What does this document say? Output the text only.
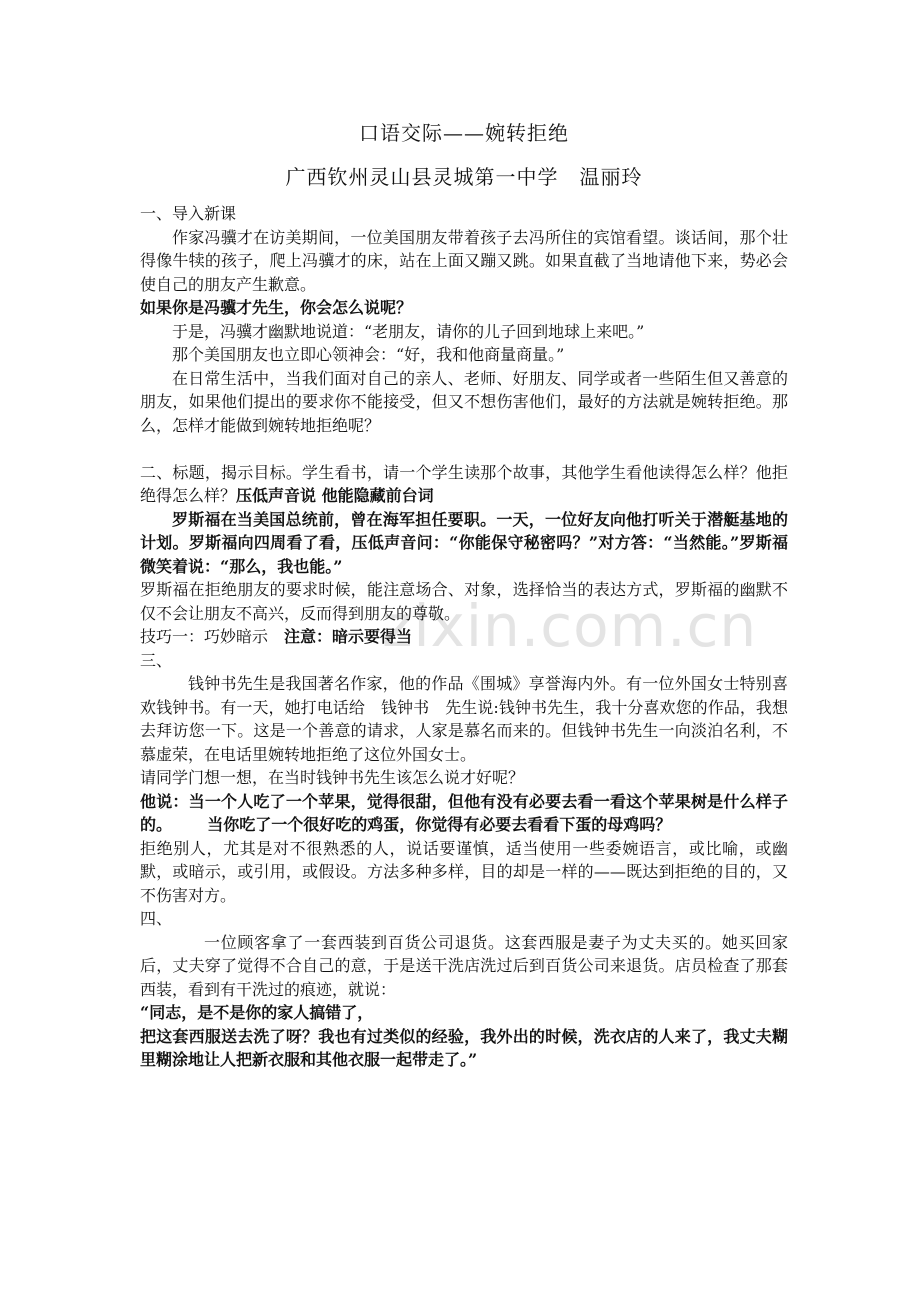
zixin.com.cn
口语交际——婉转拒绝
广西钦州灵山县灵城第一中学　温丽玲

一、导入新课

作家冯骥才在访美期间，一位美国朋友带着孩子去冯所住的宾馆看望。谈话间，那个壮得像牛犊的孩子，爬上冯骥才的床，站在上面又蹦又跳。如果直截了当地请他下来，势必会使自己的朋友产生歉意。

如果你是冯骥才先生，你会怎么说呢？

于是，冯骥才幽默地说道：“老朋友，请你的儿子回到地球上来吧。”

那个美国朋友也立即心领神会：“好，我和他商量商量。”

在日常生活中，当我们面对自己的亲人、老师、好朋友、同学或者一些陌生但又善意的朋友，如果他们提出的要求你不能接受，但又不想伤害他们，最好的方法就是婉转拒绝。那么，怎样才能做到婉转地拒绝呢？

二、标题，揭示目标。学生看书，请一个学生读那个故事，其他学生看他读得怎么样？他拒绝得怎么样？压低声音说 他能隐藏前台词

罗斯福在当美国总统前，曾在海军担任要职。一天，一位好友向他打听关于潜艇基地的计划。罗斯福向四周看了看，压低声音问：“你能保守秘密吗？”对方答：“当然能。”罗斯福微笑着说：“那么，我也能。”

罗斯福在拒绝朋友的要求时候，能注意场合、对象，选择恰当的表达方式，罗斯福的幽默不仅不会让朋友不高兴，反而得到朋友的尊敬。

技巧一：巧妙暗示 注意：暗示要得当

三、

钱钟书先生是我国著名作家，他的作品《围城》享誉海内外。有一位外国女士特别喜欢钱钟书。有一天，她打电话给　钱钟书　先生说:钱钟书先生，我十分喜欢您的作品，我想去拜访您一下。这是一个善意的请求，人家是慕名而来的。但钱钟书先生一向淡泊名利，不慕虚荣，在电话里婉转地拒绝了这位外国女士。

请同学门想一想，在当时钱钟书先生该怎么说才好呢？

他说：当一个人吃了一个苹果，觉得很甜，但他有没有必要去看一看这个苹果树是什么样子的。 当你吃了一个很好吃的鸡蛋，你觉得有必要去看看下蛋的母鸡吗？

拒绝别人，尤其是对不很熟悉的人，说话要谨慎，适当使用一些委婉语言，或比喻，或幽默，或暗示，或引用，或假设。方法多种多样，目的却是一样的——既达到拒绝的目的，又不伤害对方。

四、

一位顾客拿了一套西装到百货公司退货。这套西服是妻子为丈夫买的。她买回家后，丈夫穿了觉得不合自己的意，于是送干洗店洗过后到百货公司来退货。店员检查了那套西装，看到有干洗过的痕迹，就说：

“同志，是不是你的家人搞错了，

把这套西服送去洗了呀？我也有过类似的经验，我外出的时候，洗衣店的人来了，我丈夫糊里糊涂地让人把新衣服和其他衣服一起带走了。”
